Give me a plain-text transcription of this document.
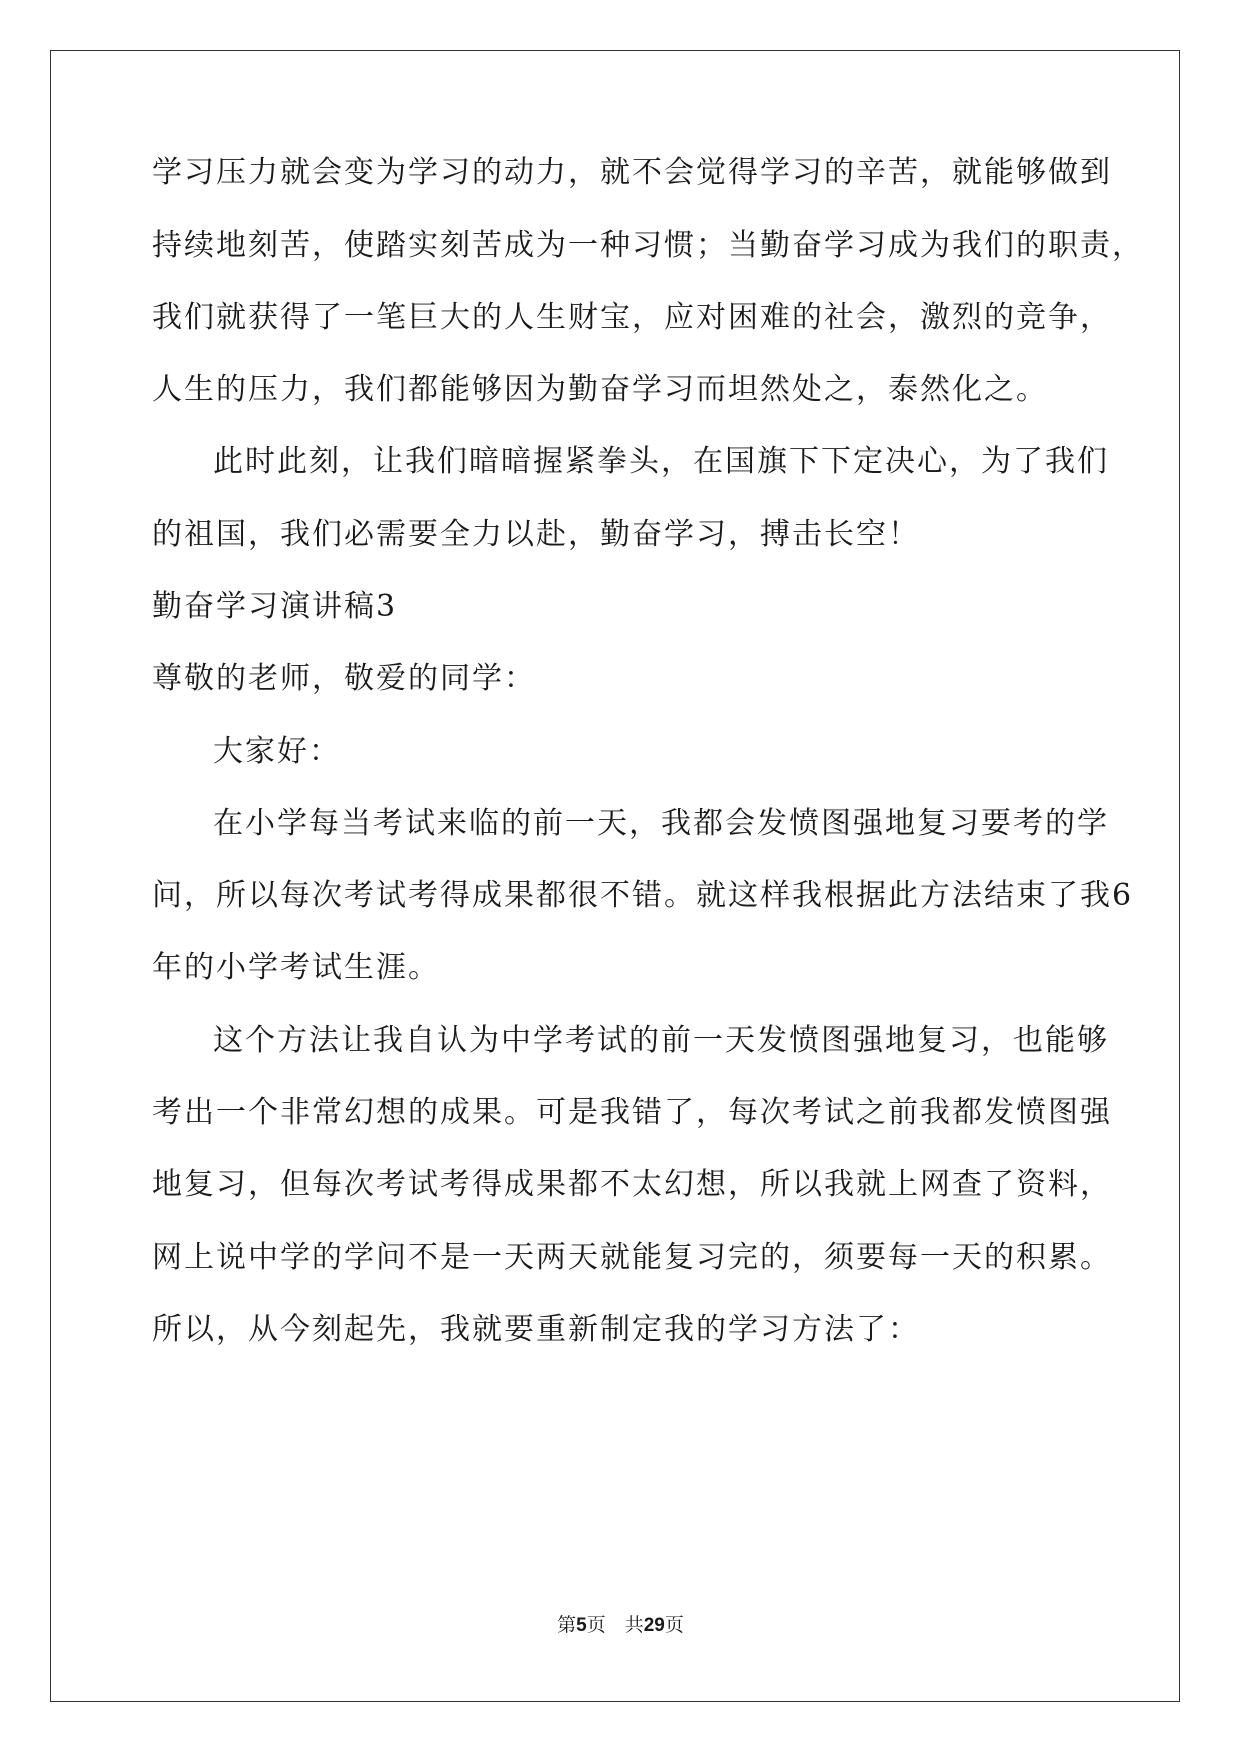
学习压力就会变为学习的动力，就不会觉得学习的辛苦，就能够做到
持续地刻苦，使踏实刻苦成为一种习惯；当勤奋学习成为我们的职责，
我们就获得了一笔巨大的人生财宝，应对困难的社会，激烈的竞争，
人生的压力，我们都能够因为勤奋学习而坦然处之，泰然化之。
此时此刻，让我们暗暗握紧拳头，在国旗下下定决心，为了我们
的祖国，我们必需要全力以赴，勤奋学习，搏击长空！
勤奋学习演讲稿3
尊敬的老师，敬爱的同学：
大家好：
在小学每当考试来临的前一天，我都会发愤图强地复习要考的学
问，所以每次考试考得成果都很不错。就这样我根据此方法结束了我6
年的小学考试生涯。
这个方法让我自认为中学考试的前一天发愤图强地复习，也能够
考出一个非常幻想的成果。可是我错了，每次考试之前我都发愤图强
地复习，但每次考试考得成果都不太幻想，所以我就上网查了资料，
网上说中学的学问不是一天两天就能复习完的，须要每一天的积累。
所以，从今刻起先，我就要重新制定我的学习方法了：
第5页　共29页
